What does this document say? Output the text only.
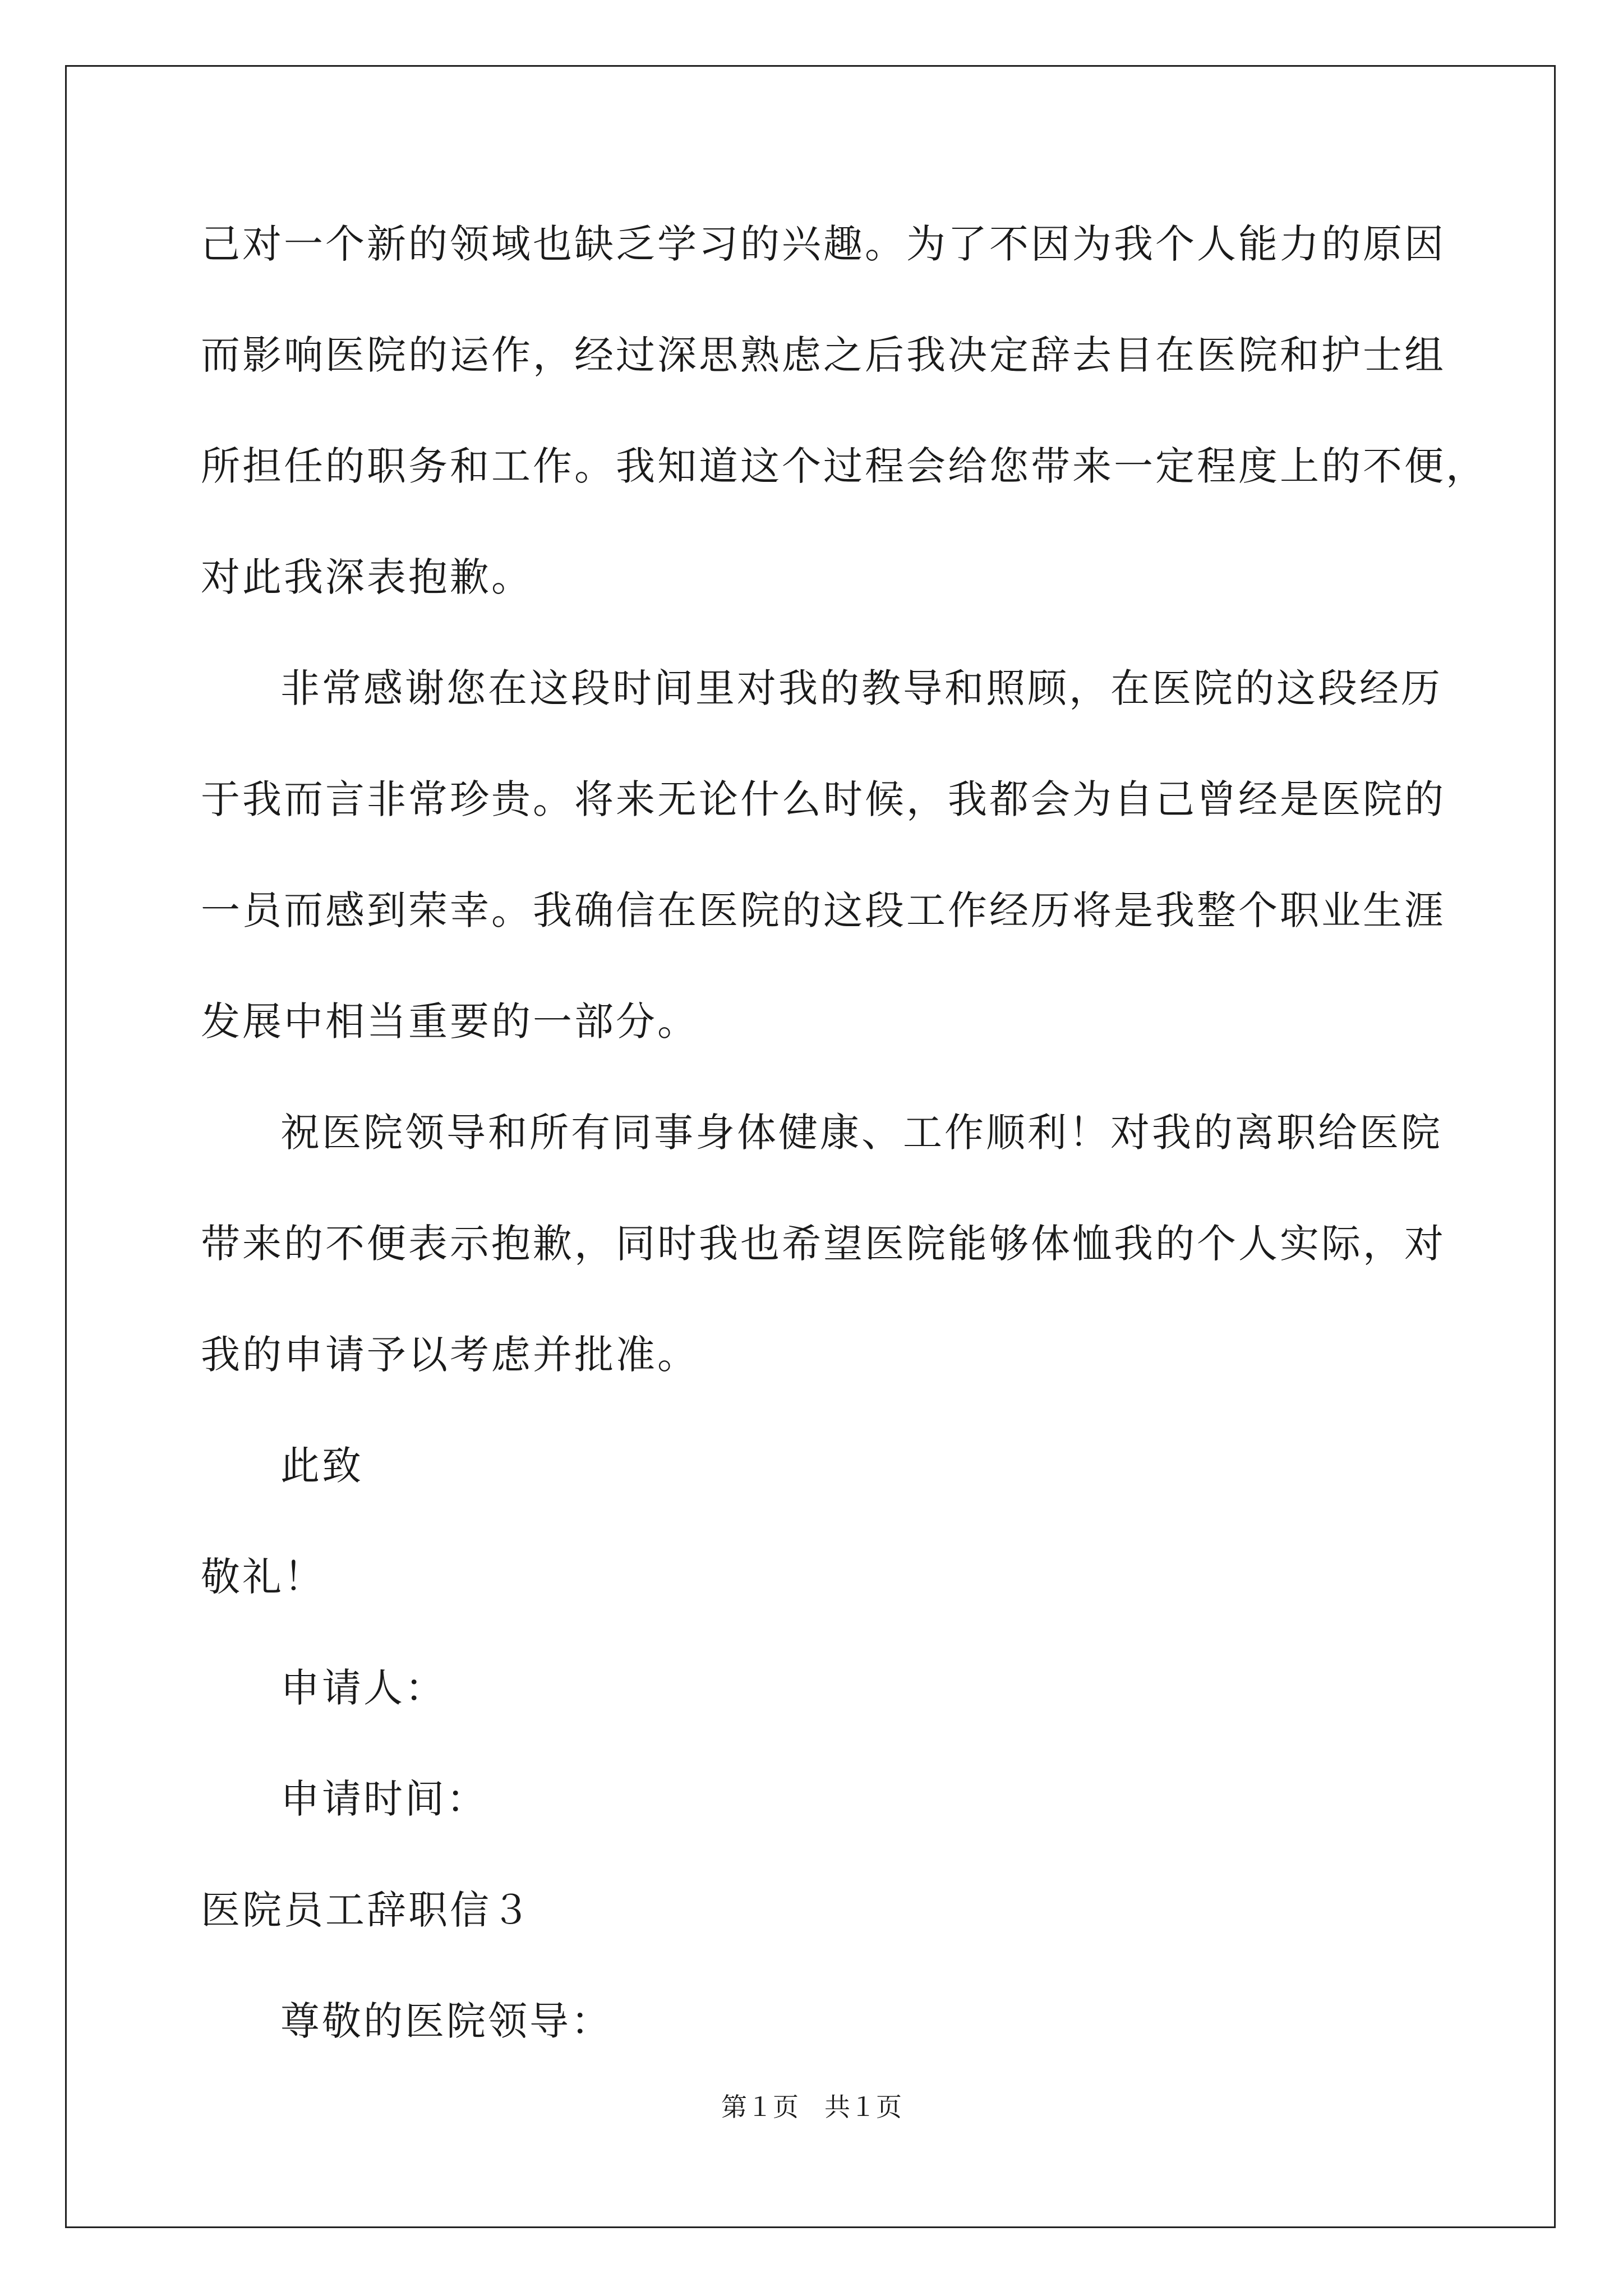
己对一个新的领域也缺乏学习的兴趣。为了不因为我个人能力的原因
而影响医院的运作，经过深思熟虑之后我决定辞去目在医院和护士组
所担任的职务和工作。我知道这个过程会给您带来一定程度上的不便，
对此我深表抱歉。
非常感谢您在这段时间里对我的教导和照顾，在医院的这段经历
于我而言非常珍贵。将来无论什么时候，我都会为自己曾经是医院的
一员而感到荣幸。我确信在医院的这段工作经历将是我整个职业生涯
发展中相当重要的一部分。
祝医院领导和所有同事身体健康、工作顺利！对我的离职给医院
带来的不便表示抱歉，同时我也希望医院能够体恤我的个人实际，对
我的申请予以考虑并批准。
此致
敬礼！
申请人：
申请时间：
医院员工辞职信３
尊敬的医院领导：
第１页　共１页
